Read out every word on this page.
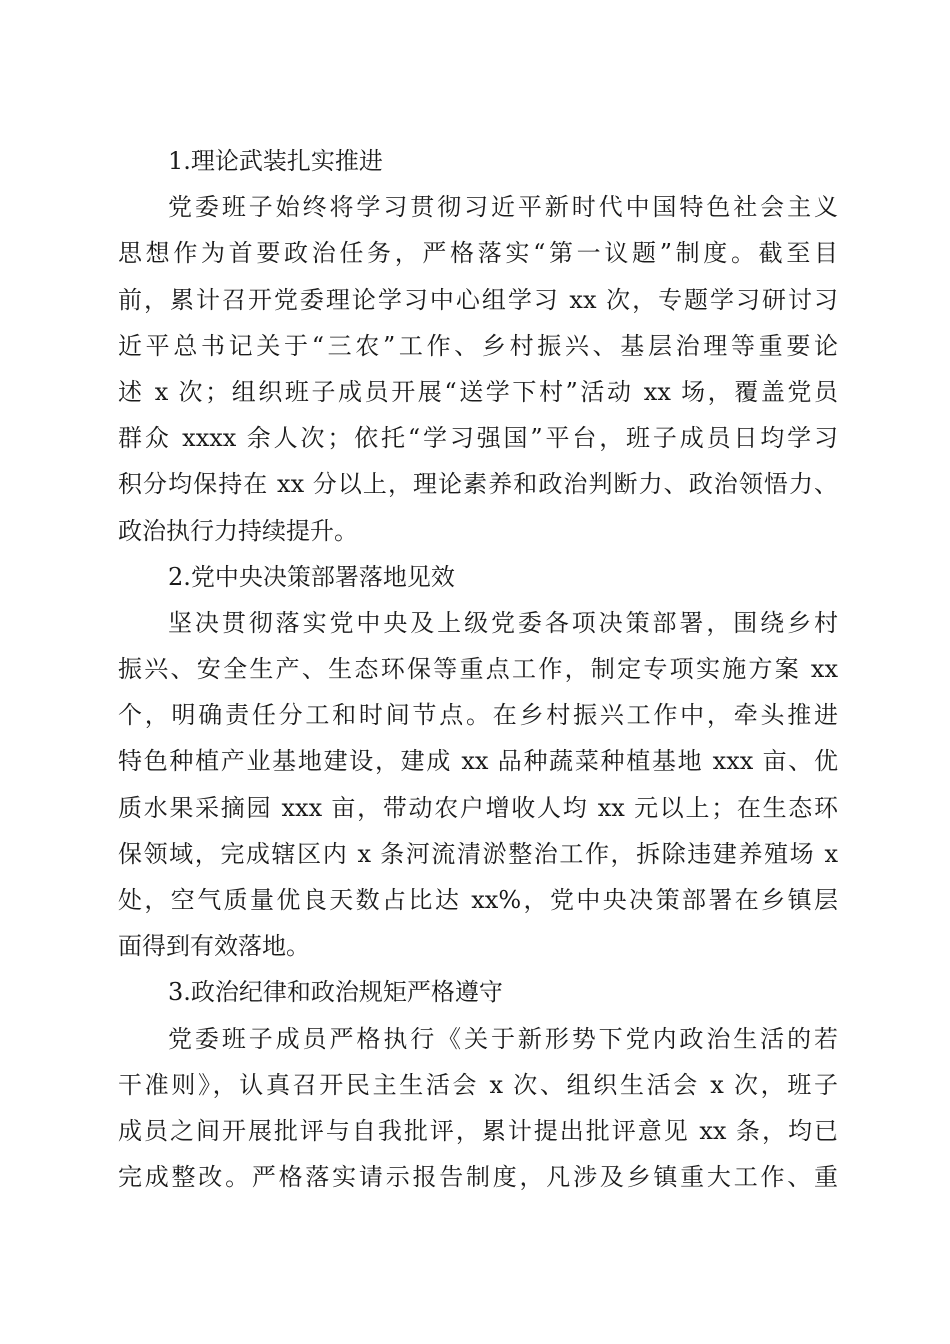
1.理论武装扎实推进
党委班子始终将学习贯彻习近平新时代中国特色社会主义
思想作为首要政治任务，严格落实“第一议题”制度。截至目
前，累计召开党委理论学习中心组学习 xx 次，专题学习研讨习
近平总书记关于“三农”工作、乡村振兴、基层治理等重要论
述 x 次；组织班子成员开展“送学下村”活动 xx 场，覆盖党员
群众 xxxx 余人次；依托“学习强国”平台，班子成员日均学习
积分均保持在 xx 分以上，理论素养和政治判断力、政治领悟力、
政治执行力持续提升。
2.党中央决策部署落地见效
坚决贯彻落实党中央及上级党委各项决策部署，围绕乡村
振兴、安全生产、生态环保等重点工作，制定专项实施方案 xx
个，明确责任分工和时间节点。在乡村振兴工作中，牵头推进
特色种植产业基地建设，建成 xx 品种蔬菜种植基地 xxx 亩、优
质水果采摘园 xxx 亩，带动农户增收人均 xx 元以上；在生态环
保领域，完成辖区内 x 条河流清淤整治工作，拆除违建养殖场 x
处，空气质量优良天数占比达 xx%，党中央决策部署在乡镇层
面得到有效落地。
3.政治纪律和政治规矩严格遵守
党委班子成员严格执行《关于新形势下党内政治生活的若
干准则》，认真召开民主生活会 x 次、组织生活会 x 次，班子
成员之间开展批评与自我批评，累计提出批评意见 xx 条，均已
完成整改。严格落实请示报告制度，凡涉及乡镇重大工作、重
